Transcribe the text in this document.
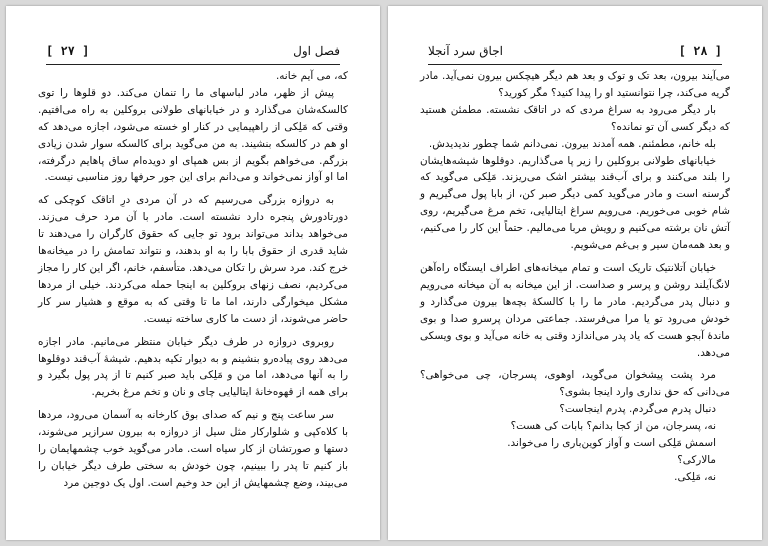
[ ٢٧ ]	فصل اول

که، می آیم خانه.

پیش از ظهر، مادر لباسهای ما را تنمان می‌کند. دو قلوها را توی کالسکه‌شان می‌گذارد و در خیابانهای طولانی بروکلین به راه می‌افتیم. وقتی که مَلِکی از راهپیمایی در کنار او خسته می‌شود، اجازه می‌دهد که او هم در کالسکه بنشیند. به من می‌گوید برای کالسکه سوار شدن زیادی بزرگم. می‌خواهم بگویم از بس همپای او دویده‌ام ساق پاهایم درگرفته، اما او آواز نمی‌خواند و می‌دانم برای این جور حرفها روز مناسبی نیست.

به دروازه بزرگی می‌رسیم که در آن مردی درِ اتاقک کوچکی که دورتادورش پنجره دارد نشسته است. مادر با آن مرد حرف می‌زند. می‌خواهد بداند می‌تواند برود تو جایی که حقوق کارگران را می‌دهند تا شاید قدری از حقوق بابا را به او بدهند، و نتواند تمامش را در میخانه‌ها خرج کند. مرد سرش را تکان می‌دهد. متأسفم، خانم، اگر این کار را مجاز می‌کردیم، نصف زنهای بروکلین به اینجا حمله می‌کردند. خیلی از مردها مشکل میخوارگی دارند، اما ما تا وقتی که به موقع و هشیار سر کار حاضر می‌شوند، از دست ما کاری ساخته نیست.

روبروی دروازه در طرف دیگر خیابان منتظر می‌مانیم. مادر اجازه می‌دهد روی پیاده‌رو بنشینم و به دیوار تکیه بدهیم. شیشهٔ آب‌قند دوقلوها را به آنها می‌دهد، اما من و مَلِکی باید صبر کنیم تا از پدر پول بگیرد و برای همه از قهوه‌خانهٔ ایتالیایی چای و نان و تخم مرغ بخریم.

سر ساعت پنج و نیم که صدای بوق کارخانه به آسمان می‌رود، مردها با کلاه‌کپی و شلوارکار مثل سیل از دروازه به بیرون سرازیر می‌شوند، دستها و صورتشان از کار سیاه است. مادر می‌گوید خوب چشمهایمان را باز کنیم تا پدر را ببینیم، چون خودش به سختی طرف دیگر خیابان را می‌بیند، وضع چشمهایش از این حد وخیم است. اول یک دوجین مرد

[ ٢٨ ]
اجاق سرد آنجلا

می‌آیند بیرون، بعد تک و توک و بعد هم دیگر هیچکس بیرون نمی‌آید. مادر گریه می‌کند، چرا نتوانستید او را پیدا کنید؟ مگر کورید؟

بار دیگر می‌رود به سراغ مردی که در اتاقک نشسته. مطمئن هستید که دیگر کسی آن تو نمانده؟

بله خانم، مطمئنم. همه آمدند بیرون. نمی‌دانم شما چطور ندیدیدش.

خیابانهای طولانی بروکلین را زیر پا می‌گذاریم. دوقلوها شیشه‌هایشان را بلند می‌کنند و برای آب‌قند بیشتر اشک می‌ریزند. مَلِکی می‌گوید که گرسنه است و مادر می‌گوید کمی دیگر صبر کن، از بابا پول می‌گیریم و شام خوبی می‌خوریم. می‌رویم سراغ ایتالیایی، تخم مرغ می‌گیریم، روی آتش نان برشته می‌کنیم و رویش مربا می‌مالیم. حتماً این کار را می‌کنیم، و بعد همه‌مان سیر و بی‌غم می‌شویم.

خیابان آتلانتیک تاریک است و تمام میخانه‌های اطراف ایستگاه راه‌آهن لانگ‌آیلند روشن و پرسر و صداست. از این میخانه به آن میخانه می‌رویم و دنبال پدر می‌گردیم. مادر ما را با کالسکهٔ بچه‌ها بیرون می‌گذارد و خودش می‌رود تو یا مرا می‌فرستد. جماعتی مردان پرسرو صدا و بوی ماندهٔ آبجو هست که یاد پدر می‌اندازد وقتی به خانه می‌آید و بوی ویسکی می‌دهد.

مرد پشت پیشخوان می‌گوید، اوهوی، پسرجان، چی می‌خواهی؟ می‌دانی که حق نداری وارد اینجا بشوی؟

دنبال پدرم می‌گردم. پدرم اینجاست؟

نه، پسرجان، من از کجا بدانم؟ بابات کی هست؟

اسمش مَلِکی است و آواز کوین‌باری را می‌خواند.

مالارکی؟

نه، مَلِکی.
